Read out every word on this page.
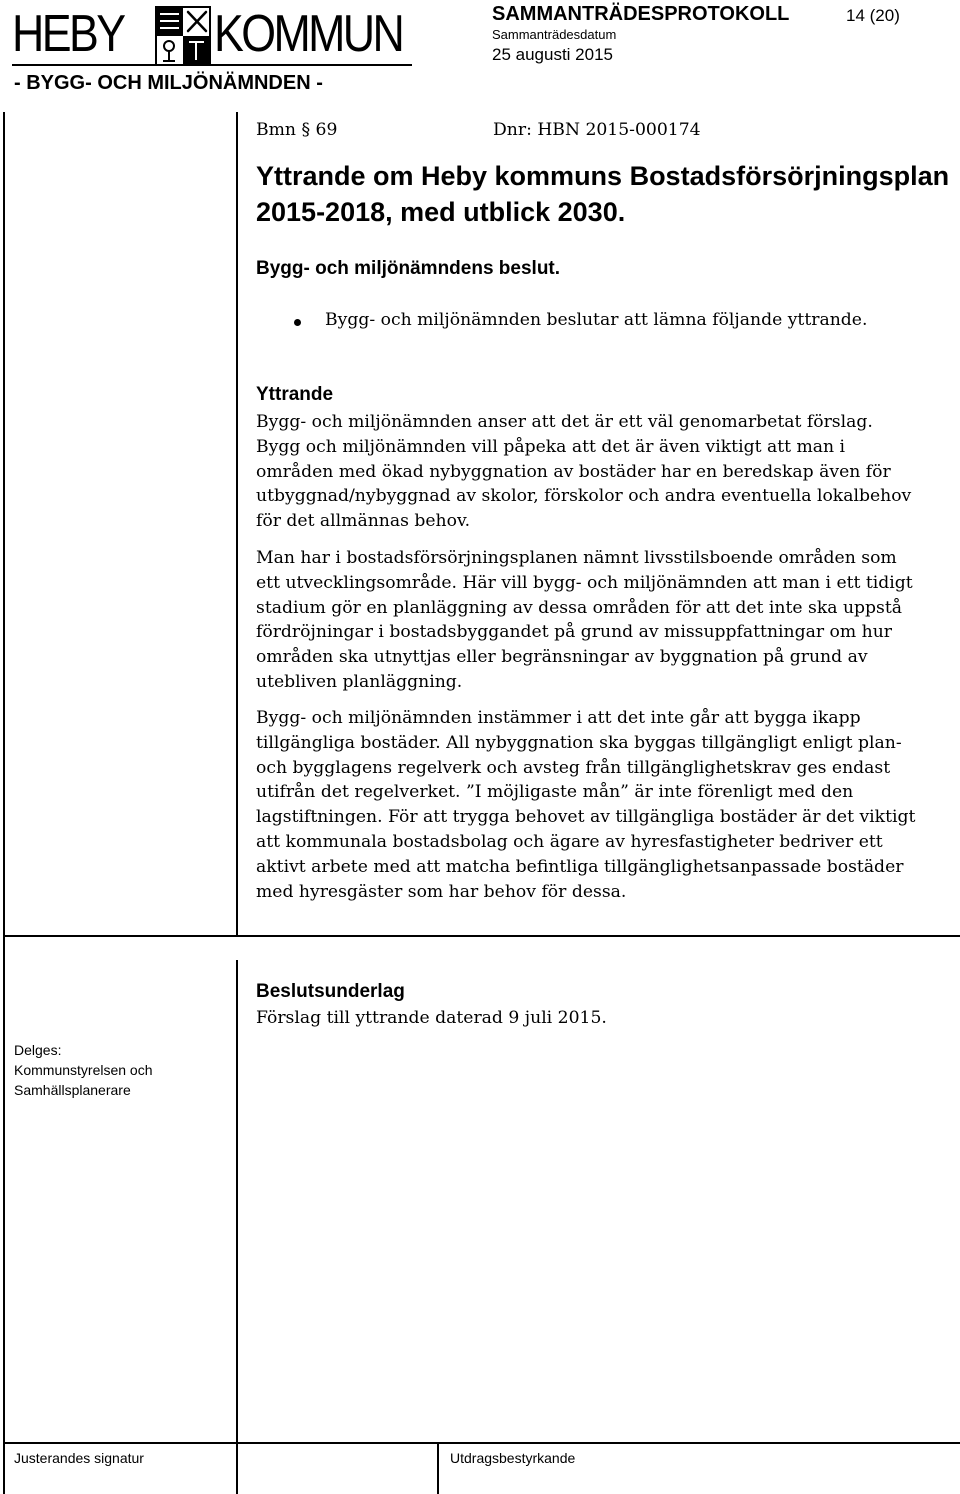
HEBY KOMMUN
- BYGG- OCH MILJÖNÄMNDEN -
SAMMANTRÄDESPROTOKOLL
Sammanträdesdatum
25 augusti 2015
14 (20)
Bmn § 69	Dnr: HBN 2015-000174
Yttrande om Heby kommuns Bostadsförsörjningsplan 2015-2018, med utblick 2030.
Bygg- och miljönämndens beslut.
Bygg- och miljönämnden beslutar att lämna följande yttrande.
Yttrande

Bygg- och miljönämnden anser att det är ett väl genomarbetat förslag. Bygg och miljönämnden vill påpeka att det är även viktigt att man i områden med ökad nybyggnation av bostäder har en beredskap även för utbyggnad/nybyggnad av skolor, förskolor och andra eventuella lokalbehov för det allmännas behov.

Man har i bostadsförsörjningsplanen nämnt livsstilsboende områden som ett utvecklingsområde. Här vill bygg- och miljönämnden att man i ett tidigt stadium gör en planläggning av dessa områden för att det inte ska uppstå fördröjningar i bostadsbyggandet på grund av missuppfattningar om hur områden ska utnyttjas eller begränsningar av byggnation på grund av utebliven planläggning.

Bygg- och miljönämnden instämmer i att det inte går att bygga ikapp tillgängliga bostäder. All nybyggnation ska byggas tillgängligt enligt plan- och bygglagens regelverk och avsteg från tillgänglighetskrav ges endast utifrån det regelverket. ”I möjligaste mån” är inte förenligt med den lagstiftningen. För att trygga behovet av tillgängliga bostäder är det viktigt att kommunala bostadsbolag och ägare av hyresfastigheter bedriver ett aktivt arbete med att matcha befintliga tillgänglighetsanpassade bostäder med hyresgäster som har behov för dessa.

Beslutsunderlag
Förslag till yttrande daterad 9 juli 2015.
Delges:
Kommunstyrelsen och
Samhällsplanerare
Justerandes signatur	Utdragsbestyrkande
